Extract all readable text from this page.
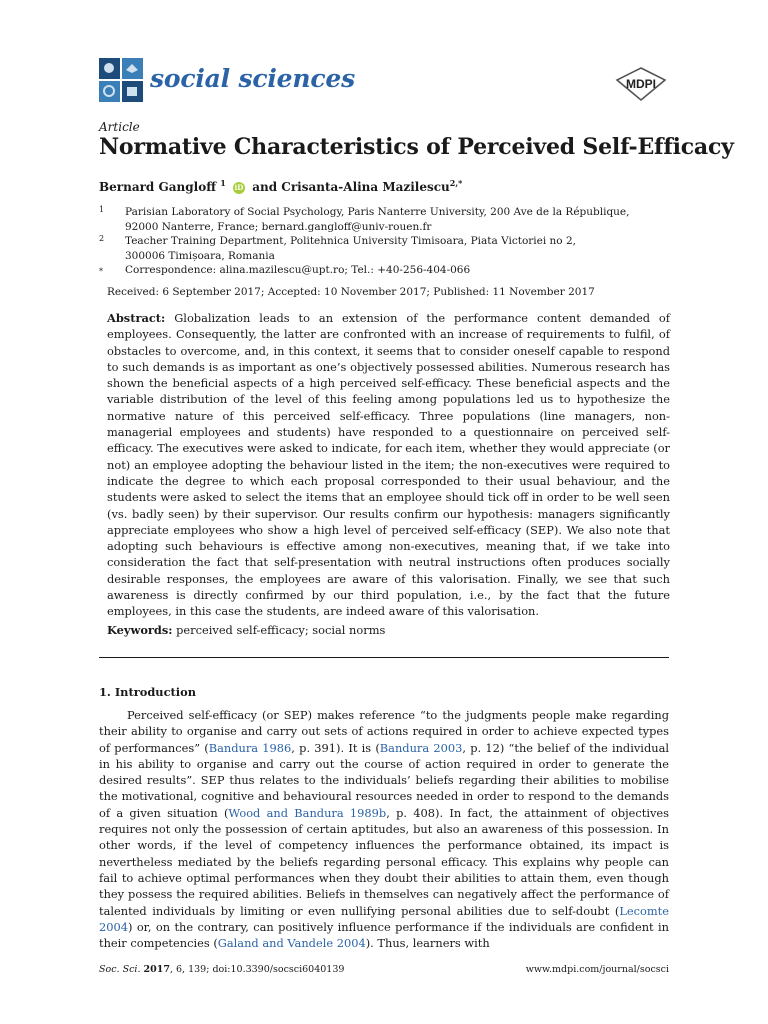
social sciences	MDPI
Article
Normative Characteristics of Perceived Self-Efficacy
Bernard Gangloff $^1$ iD and Crisanta-Alina Mazilescu$^{2,*}$
1 Parisian Laboratory of Social Psychology, Paris Nanterre University, 200 Ave de la République,
92000 Nanterre, France; bernard.gangloff@univ-rouen.fr
2 Teacher Training Department, Politehnica University Timisoara, Piata Victoriei no 2,
300006 Timișoara, Romania
* Correspondence: alina.mazilescu@upt.ro; Tel.: +40-256-404-066
Received: 6 September 2017; Accepted: 10 November 2017; Published: 11 November 2017
Abstract: Globalization leads to an extension of the performance content demanded of employees. Consequently, the latter are confronted with an increase of requirements to fulfil, of obstacles to overcome, and, in this context, it seems that to consider oneself capable to respond to such demands is as important as one’s objectively possessed abilities. Numerous research has shown the beneficial aspects of a high perceived self-efficacy. These beneficial aspects and the variable distribution of the level of this feeling among populations led us to hypothesize the normative nature of this perceived self-efficacy. Three populations (line managers, non-managerial employees and students) have responded to a questionnaire on perceived self-efficacy. The executives were asked to indicate, for each item, whether they would appreciate (or not) an employee adopting the behaviour listed in the item; the non-executives were required to indicate the degree to which each proposal corresponded to their usual behaviour, and the students were asked to select the items that an employee should tick off in order to be well seen (vs. badly seen) by their supervisor. Our results confirm our hypothesis: managers significantly appreciate employees who show a high level of perceived self-efficacy (SEP). We also note that adopting such behaviours is effective among non-executives, meaning that, if we take into consideration the fact that self-presentation with neutral instructions often produces socially desirable responses, the employees are aware of this valorisation. Finally, we see that such awareness is directly confirmed by our third population, i.e., by the fact that the future employees, in this case the students, are indeed aware of this valorisation.
Keywords: perceived self-efficacy; social norms
1. Introduction
Perceived self-efficacy (or SEP) makes reference “to the judgments people make regarding their ability to organise and carry out sets of actions required in order to achieve expected types of performances” (Bandura 1986, p. 391). It is (Bandura 2003, p. 12) “the belief of the individual in his ability to organise and carry out the course of action required in order to generate the desired results”. SEP thus relates to the individuals’ beliefs regarding their abilities to mobilise the motivational, cognitive and behavioural resources needed in order to respond to the demands of a given situation (Wood and Bandura 1989b, p. 408). In fact, the attainment of objectives requires not only the possession of certain aptitudes, but also an awareness of this possession. In other words, if the level of competency influences the performance obtained, its impact is nevertheless mediated by the beliefs regarding personal efficacy. This explains why people can fail to achieve optimal performances when they doubt their abilities to attain them, even though they possess the required abilities. Beliefs in themselves can negatively affect the performance of talented individuals by limiting or even nullifying personal abilities due to self-doubt (Lecomte 2004) or, on the contrary, can positively influence performance if the individuals are confident in their competencies (Galand and Vandele 2004). Thus, learners with
Soc. Sci. 2017, 6, 139; doi:10.3390/socsci6040139	www.mdpi.com/journal/socsci
